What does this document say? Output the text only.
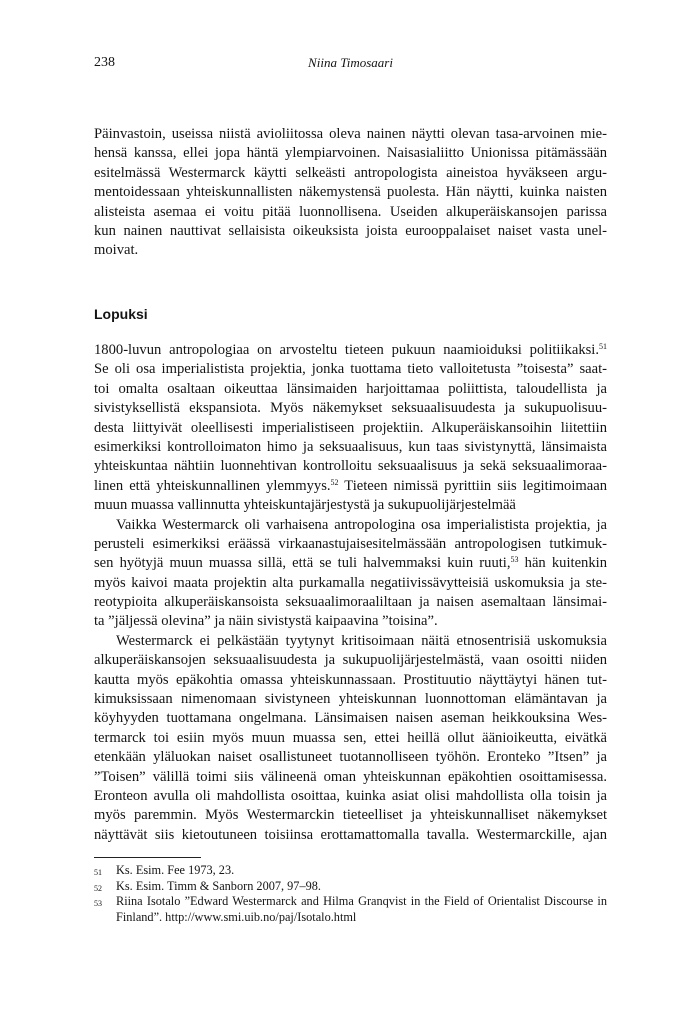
238	Niina Timosaari
Päinvastoin, useissa niistä avioliitossa oleva nainen näytti olevan tasa-arvoinen mie-
hensä kanssa, ellei jopa häntä ylempiarvoinen. Naisasialiitto Unionissa pitämässään
esitelmässä Westermarck käytti selkeästi antropologista aineistoa hyväkseen argu-
mentoidessaan yhteiskunnallisten näkemystensä puolesta. Hän näytti, kuinka naisten
alisteista asemaa ei voitu pitää luonnollisena. Useiden alkuperäiskansojen parissa
kun nainen nauttivat sellaisista oikeuksista joista eurooppalaiset naiset vasta unel-
moivat.
Lopuksi
1800-luvun antropologiaa on arvosteltu tieteen pukuun naamioiduksi politiikaksi.$^{51}$
Se oli osa imperialistista projektia, jonka tuottama tieto valloitetusta ”toisesta” saat-
toi omalta osaltaan oikeuttaa länsimaiden harjoittamaa poliittista, taloudellista ja
sivistyksellistä ekspansiota. Myös näkemykset seksuaalisuudesta ja sukupuolisuu-
desta liittyivät oleellisesti imperialistiseen projektiin. Alkuperäiskansoihin liitettiin
esimerkiksi kontrolloimaton himo ja seksuaalisuus, kun taas sivistynyttä, länsimaista
yhteiskuntaa nähtiin luonnehtivan kontrolloitu seksuaalisuus ja sekä seksuaalimoraa-
linen että yhteiskunnallinen ylemmyys.$^{52}$ Tieteen nimissä pyrittiin siis legitimoimaan
muun muassa vallinnutta yhteiskuntajärjestystä ja sukupuolijärjestelmää
Vaikka Westermarck oli varhaisena antropologina osa imperialistista projektia, ja
perusteli esimerkiksi eräässä virkaanastujaisesitelmässään antropologisen tutkimuk-
sen hyötyjä muun muassa sillä, että se tuli halvemmaksi kuin ruuti,$^{53}$ hän kuitenkin
myös kaivoi maata projektin alta purkamalla negatiivissävytteisiä uskomuksia ja ste-
reotypioita alkuperäiskansoista seksuaalimoraaliltaan ja naisen asemaltaan länsimai-
ta ”jäljessä olevina” ja näin sivistystä kaipaavina ”toisina”.
Westermarck ei pelkästään tyytynyt kritisoimaan näitä etnosentrisiä uskomuksia
alkuperäiskansojen seksuaalisuudesta ja sukupuolijärjestelmästä, vaan osoitti niiden
kautta myös epäkohtia omassa yhteiskunnassaan. Prostituutio näyttäytyi hänen tut-
kimuksissaan nimenomaan sivistyneen yhteiskunnan luonnottoman elämäntavan ja
köyhyyden tuottamana ongelmana. Länsimaisen naisen aseman heikkouksina Wes-
termarck toi esiin myös muun muassa sen, ettei heillä ollut äänioikeutta, eivätkä
etenkään yläluokan naiset osallistuneet tuotannolliseen työhön. Eronteko ”Itsen” ja
”Toisen” välillä toimi siis välineenä oman yhteiskunnan epäkohtien osoittamisessa.
Eronteon avulla oli mahdollista osoittaa, kuinka asiat olisi mahdollista olla toisin ja
myös paremmin. Myös Westermarckin tieteelliset ja yhteiskunnalliset näkemykset
näyttävät siis kietoutuneen toisiinsa erottamattomalla tavalla. Westermarckille, ajan
51 Ks. Esim. Fee 1973, 23.
52 Ks. Esim. Timm & Sanborn 2007, 97–98.
53 Riina Isotalo ”Edward Westermarck and Hilma Granqvist in the Field of Orientalist Discourse in
Finland”. http://www.smi.uib.no/paj/Isotalo.html
